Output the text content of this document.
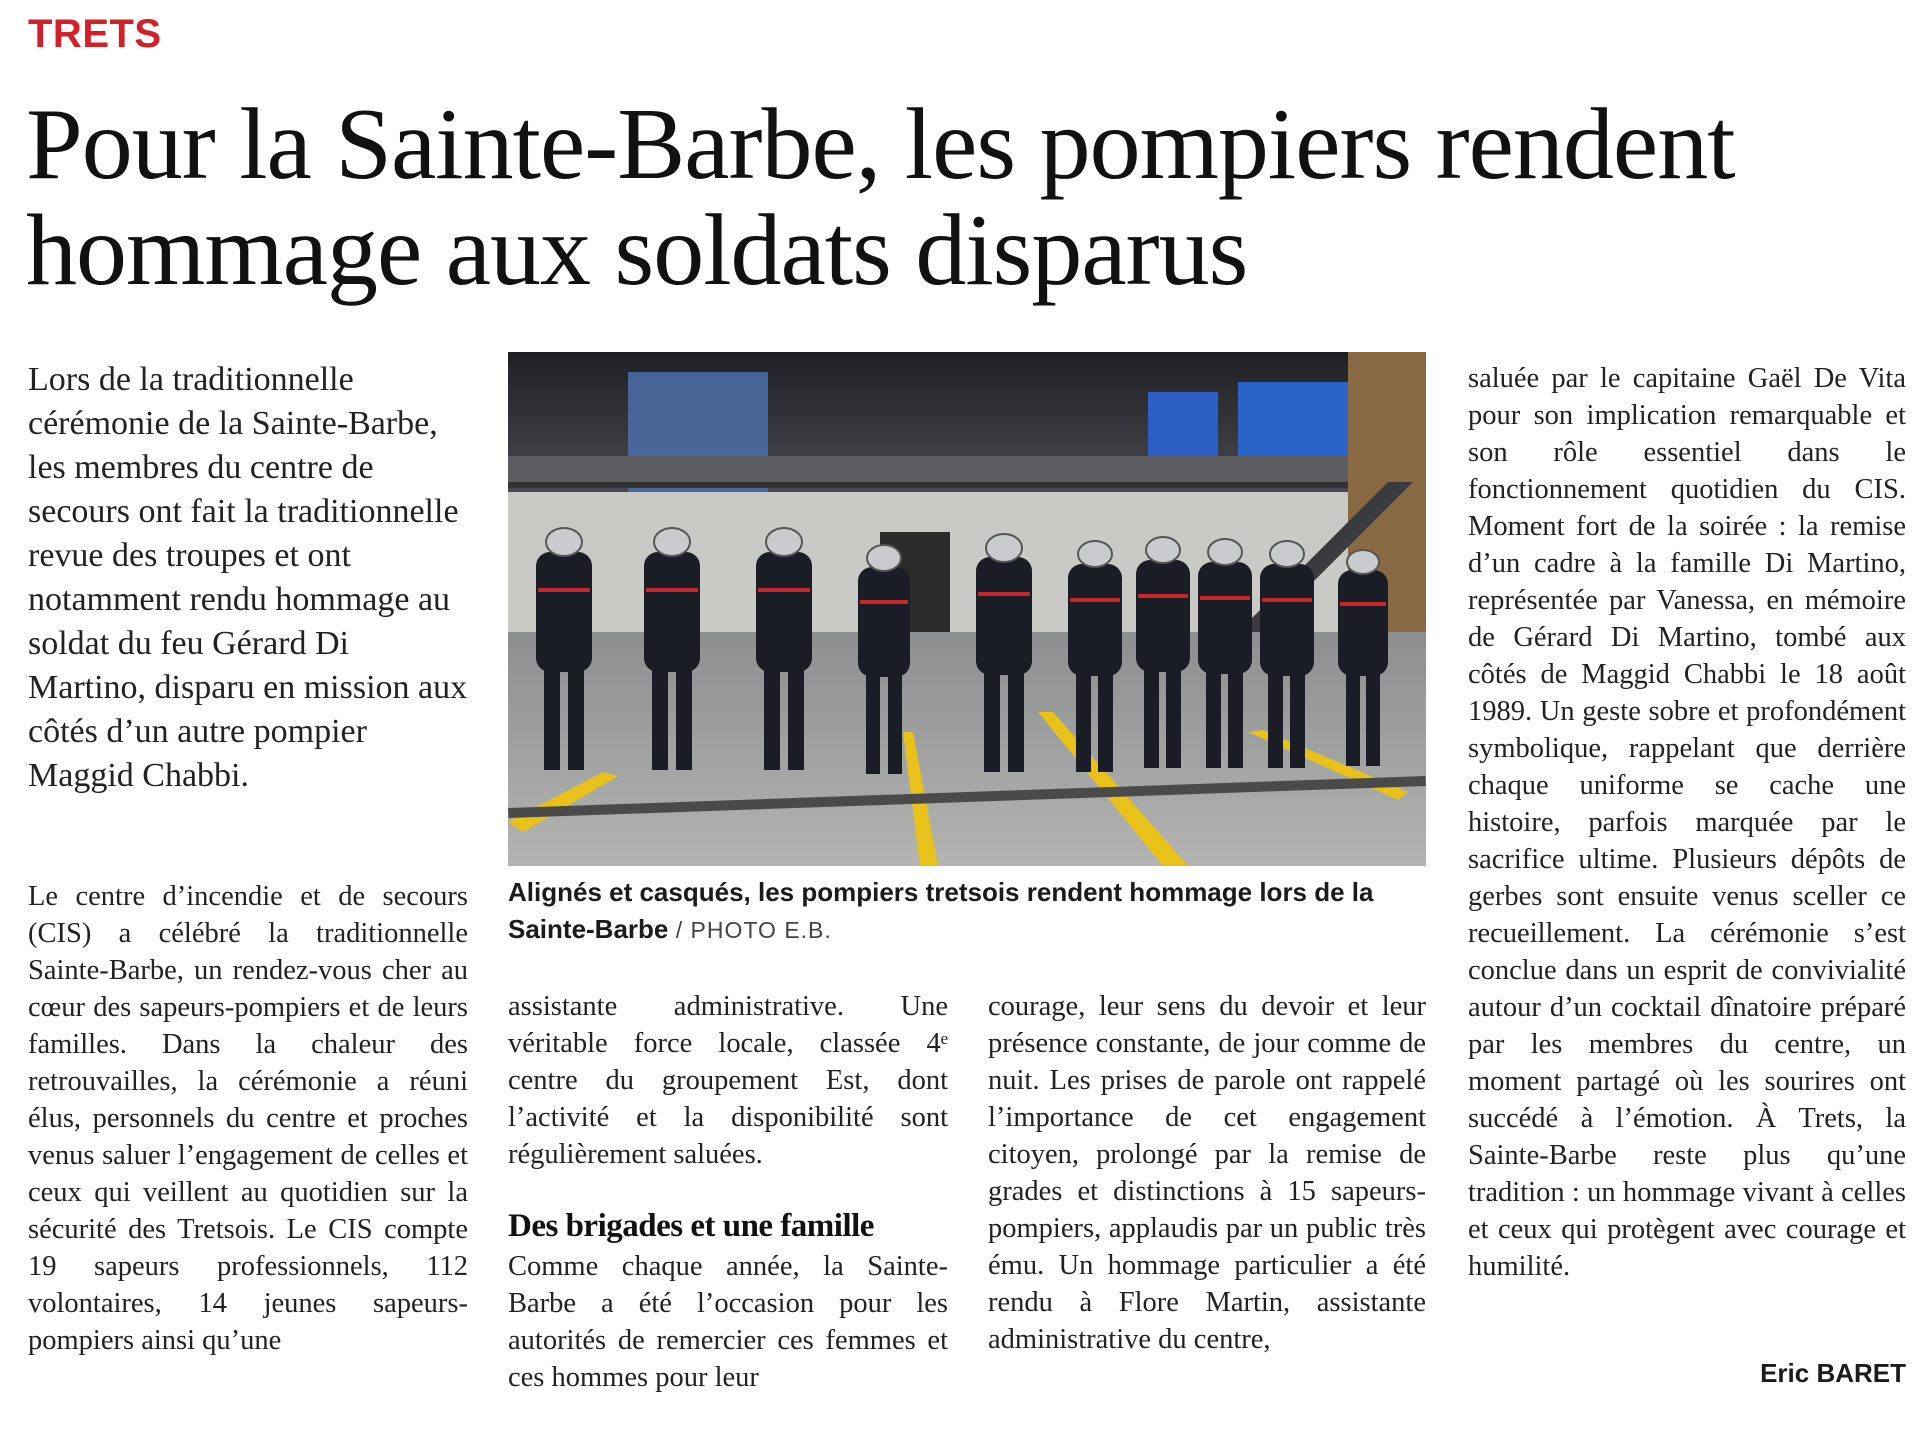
TRETS
Pour la Sainte-Barbe, les pompiers rendent hommage aux soldats disparus
Lors de la traditionnelle cérémonie de la Sainte-Barbe, les membres du centre de secours ont fait la traditionnelle revue des troupes et ont notamment rendu hommage au soldat du feu Gérard Di Martino, disparu en mission aux côtés d’un autre pompier Maggid Chabbi.

Le centre d’incendie et de secours (CIS) a célébré la traditionnelle Sainte-Barbe, un rendez-vous cher au cœur des sapeurs-pompiers et de leurs familles. Dans la chaleur des retrouvailles, la cérémonie a réuni élus, personnels du centre et proches venus saluer l’engagement de celles et ceux qui veillent au quotidien sur la sécurité des Tretsois. Le CIS compte 19 sapeurs professionnels, 112 volontaires, 14 jeunes sapeurs-pompiers ainsi qu’une

Alignés et casqués, les pompiers tretsois rendent hommage lors de la Sainte-Barbe / PHOTO E.B.

assistante administrative. Une véritable force locale, classée 4ᵉ centre du groupement Est, dont l’activité et la disponibilité sont régulièrement saluées.

Des brigades et une famille

Comme chaque année, la Sainte-Barbe a été l’occasion pour les autorités de remercier ces femmes et ces hommes pour leur

courage, leur sens du devoir et leur présence constante, de jour comme de nuit. Les prises de parole ont rappelé l’importance de cet engagement citoyen, prolongé par la remise de grades et distinctions à 15 sapeurs-pompiers, applaudis par un public très ému. Un hommage particulier a été rendu à Flore Martin, assistante administrative du centre,

saluée par le capitaine Gaël De Vita pour son implication remarquable et son rôle essentiel dans le fonctionnement quotidien du CIS. Moment fort de la soirée : la remise d’un cadre à la famille Di Martino, représentée par Vanessa, en mémoire de Gérard Di Martino, tombé aux côtés de Maggid Chabbi le 18 août 1989. Un geste sobre et profondément symbolique, rappelant que derrière chaque uniforme se cache une histoire, parfois marquée par le sacrifice ultime. Plusieurs dépôts de gerbes sont ensuite venus sceller ce recueillement. La cérémonie s’est conclue dans un esprit de convivialité autour d’un cocktail dînatoire préparé par les membres du centre, un moment partagé où les sourires ont succédé à l’émotion. À Trets, la Sainte-Barbe reste plus qu’une tradition : un hommage vivant à celles et ceux qui protègent avec courage et humilité.

Eric BARET
